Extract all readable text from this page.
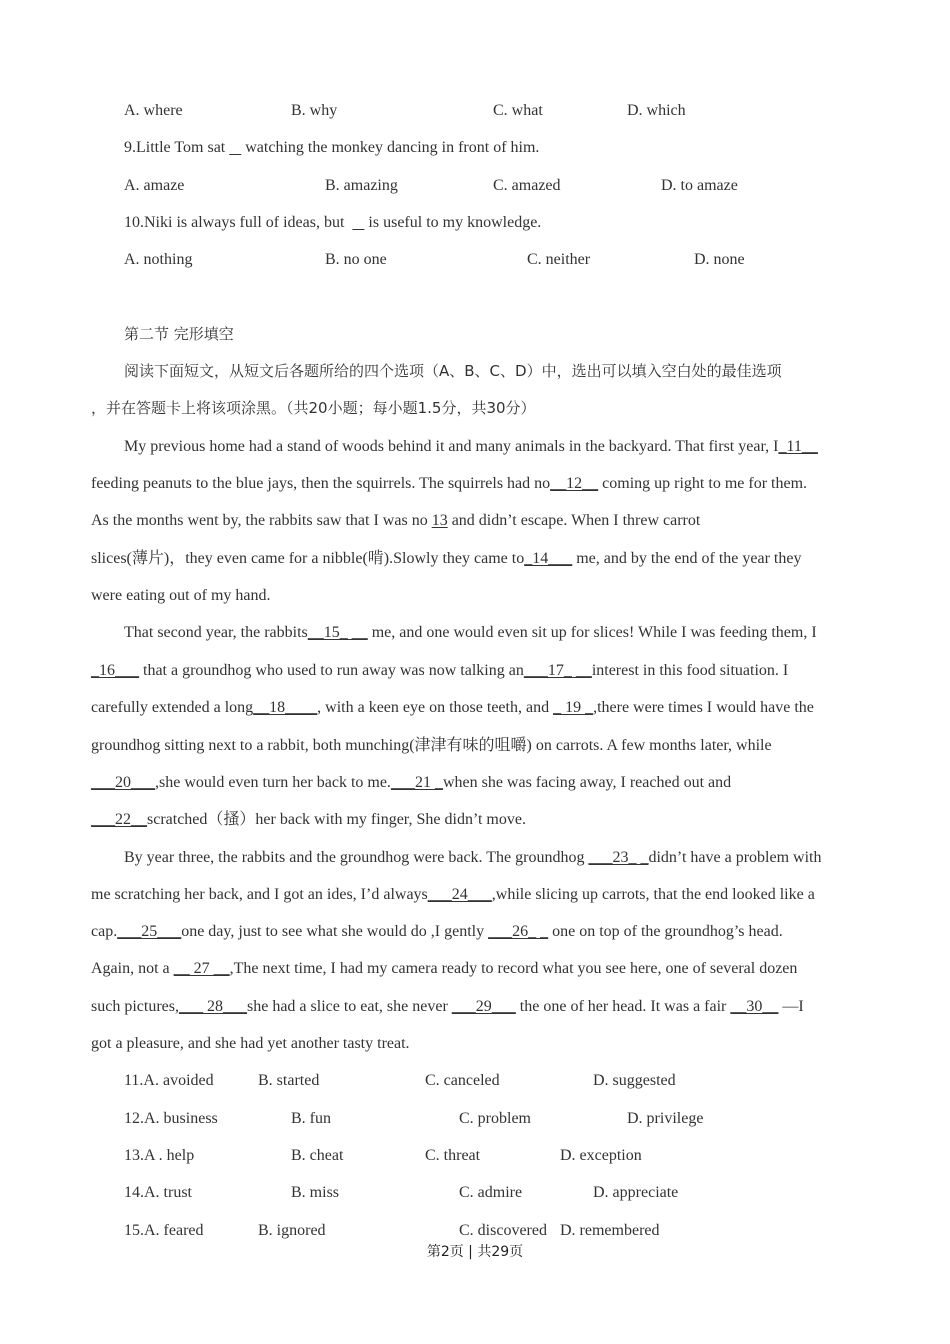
A. where	B. why	C. what	D. which
9.Little Tom sat     watching the monkey dancing in front of him.
A. amaze	B. amazing	C. amazed	D. to amaze
10.Niki is always full of ideas, but      is useful to my knowledge.
A. nothing	B. no one	C. neither	D. none
第二节 完形填空
阅读下面短文，从短文后各题所给的四个选项（A、B、C、D）中，选出可以填入空白处的最佳选项
，并在答题卡上将该项涂黑。（共20小题；每小题1.5分，共30分）
My previous home had a stand of woods behind it and many animals in the backyard. That first year, I_11__
feeding peanuts to the blue jays, then the squirrels. The squirrels had no__12__ coming up right to me for them.
As the months went by, the rabbits saw that I was no 13 and didn’t escape. When I threw carrot
slices(薄片)，they even came for a nibble(啃).Slowly they came to_14___ me, and by the end of the year they
were eating out of my hand.
That second year, the rabbits__15_ __ me, and one would even sit up for slices! While I was feeding them, I
_16___ that a groundhog who used to run away was now talking an___17_ __interest in this food situation. I
carefully extended a long__18____, with a keen eye on those teeth, and _ 19 _,there were times I would have the
groundhog sitting next to a rabbit, both munching(津津有味的咀嚼) on carrots. A few months later, while
___20___,she would even turn her back to me.___21 _when she was facing away, I reached out and
___22__scratched（搔）her back with my finger, She didn’t move.
By year three, the rabbits and the groundhog were back. The groundhog ___23_ _didn’t have a problem with
me scratching her back, and I got an ides, I’d always___24___,while slicing up carrots, that the end looked like a
cap.___25___one day, just to see what she would do ,I gently ___26_ _ one on top of the groundhog’s head.
Again, not a __ 27 __,The next time, I had my camera ready to record what you see here, one of several dozen
such pictures,___ 28___she had a slice to eat, she never ___29___ the one of her head. It was a fair __30__ —I
got a pleasure, and she had yet another tasty treat.
11.A. avoided	B. started	C. canceled	D. suggested
12.A. business	B. fun	C. problem	D. privilege
13.A . help	B. cheat	C. threat	D. exception
14.A. trust	B. miss	C. admire	D. appreciate
15.A. feared	B. ignored	C. discovered D. remembered
第2页 | 共29页
